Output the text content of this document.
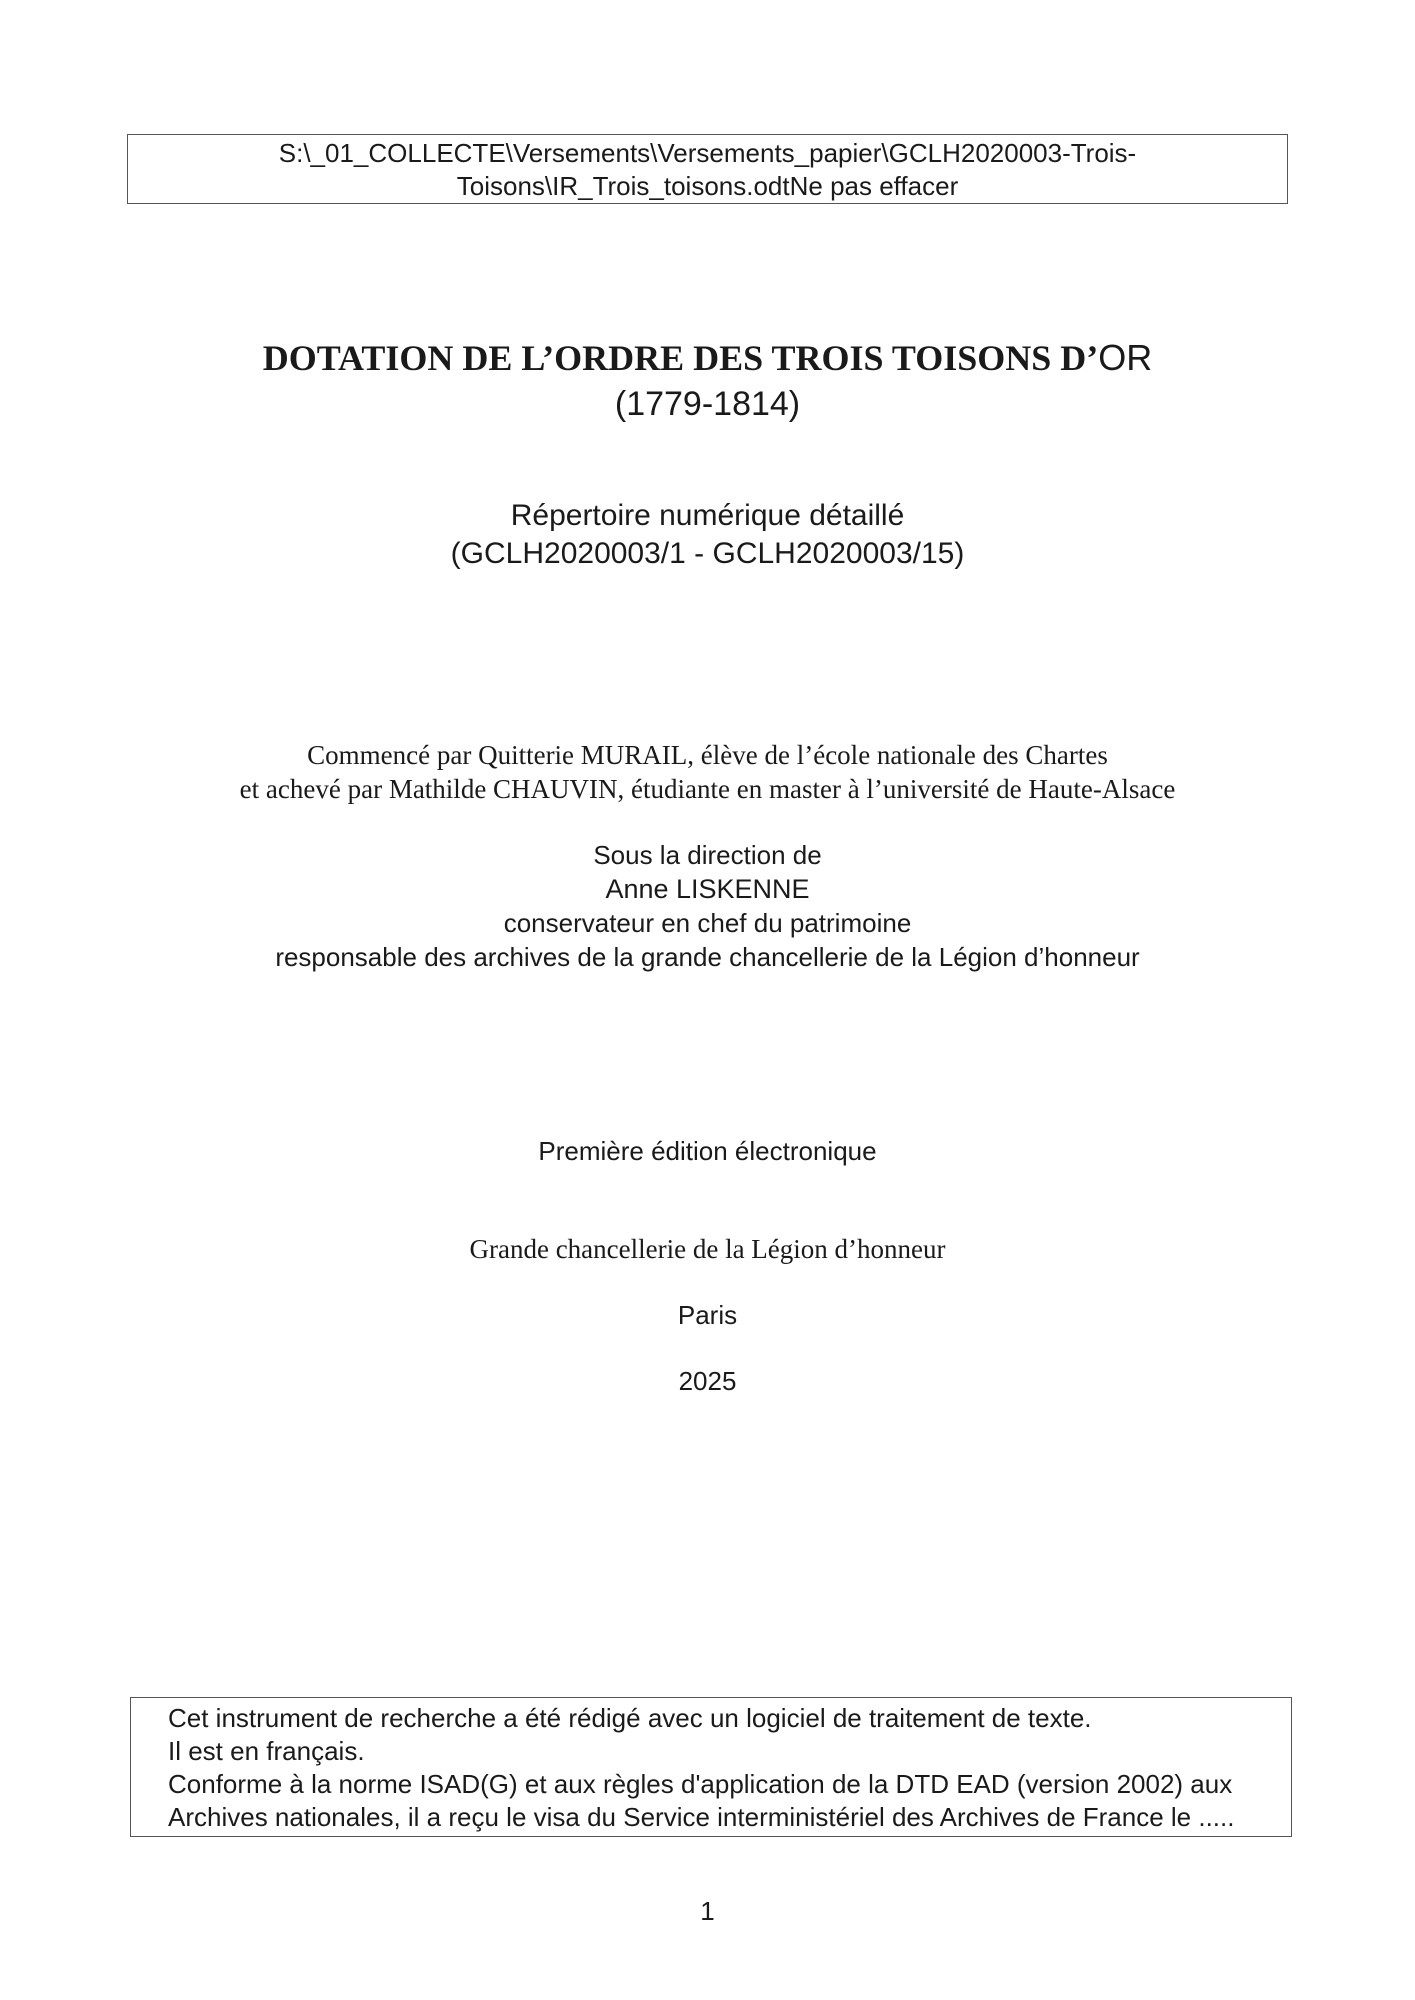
S:\_01_COLLECTE\Versements\Versements_papier\GCLH2020003-Trois-
Toisons\IR_Trois_toisons.odtNe pas effacer
DOTATION DE L’ORDRE DES TROIS TOISONS D’OR
(1779-1814)
Répertoire numérique détaillé
(GCLH2020003/1 - GCLH2020003/15)
Commencé par Quitterie MURAIL, élève de l’école nationale des Chartes
et achevé par Mathilde CHAUVIN, étudiante en master à l’université de Haute-Alsace
Sous la direction de
Anne LISKENNE
conservateur en chef du patrimoine
responsable des archives de la grande chancellerie de la Légion d’honneur
Première édition électronique
Grande chancellerie de la Légion d’honneur
Paris
2025
Cet instrument de recherche a été rédigé avec un logiciel de traitement de texte.
Il est en français.
Conforme à la norme ISAD(G) et aux règles d'application de la DTD EAD (version 2002) aux
Archives nationales, il a reçu le visa du Service interministériel des Archives de France le .....
1
